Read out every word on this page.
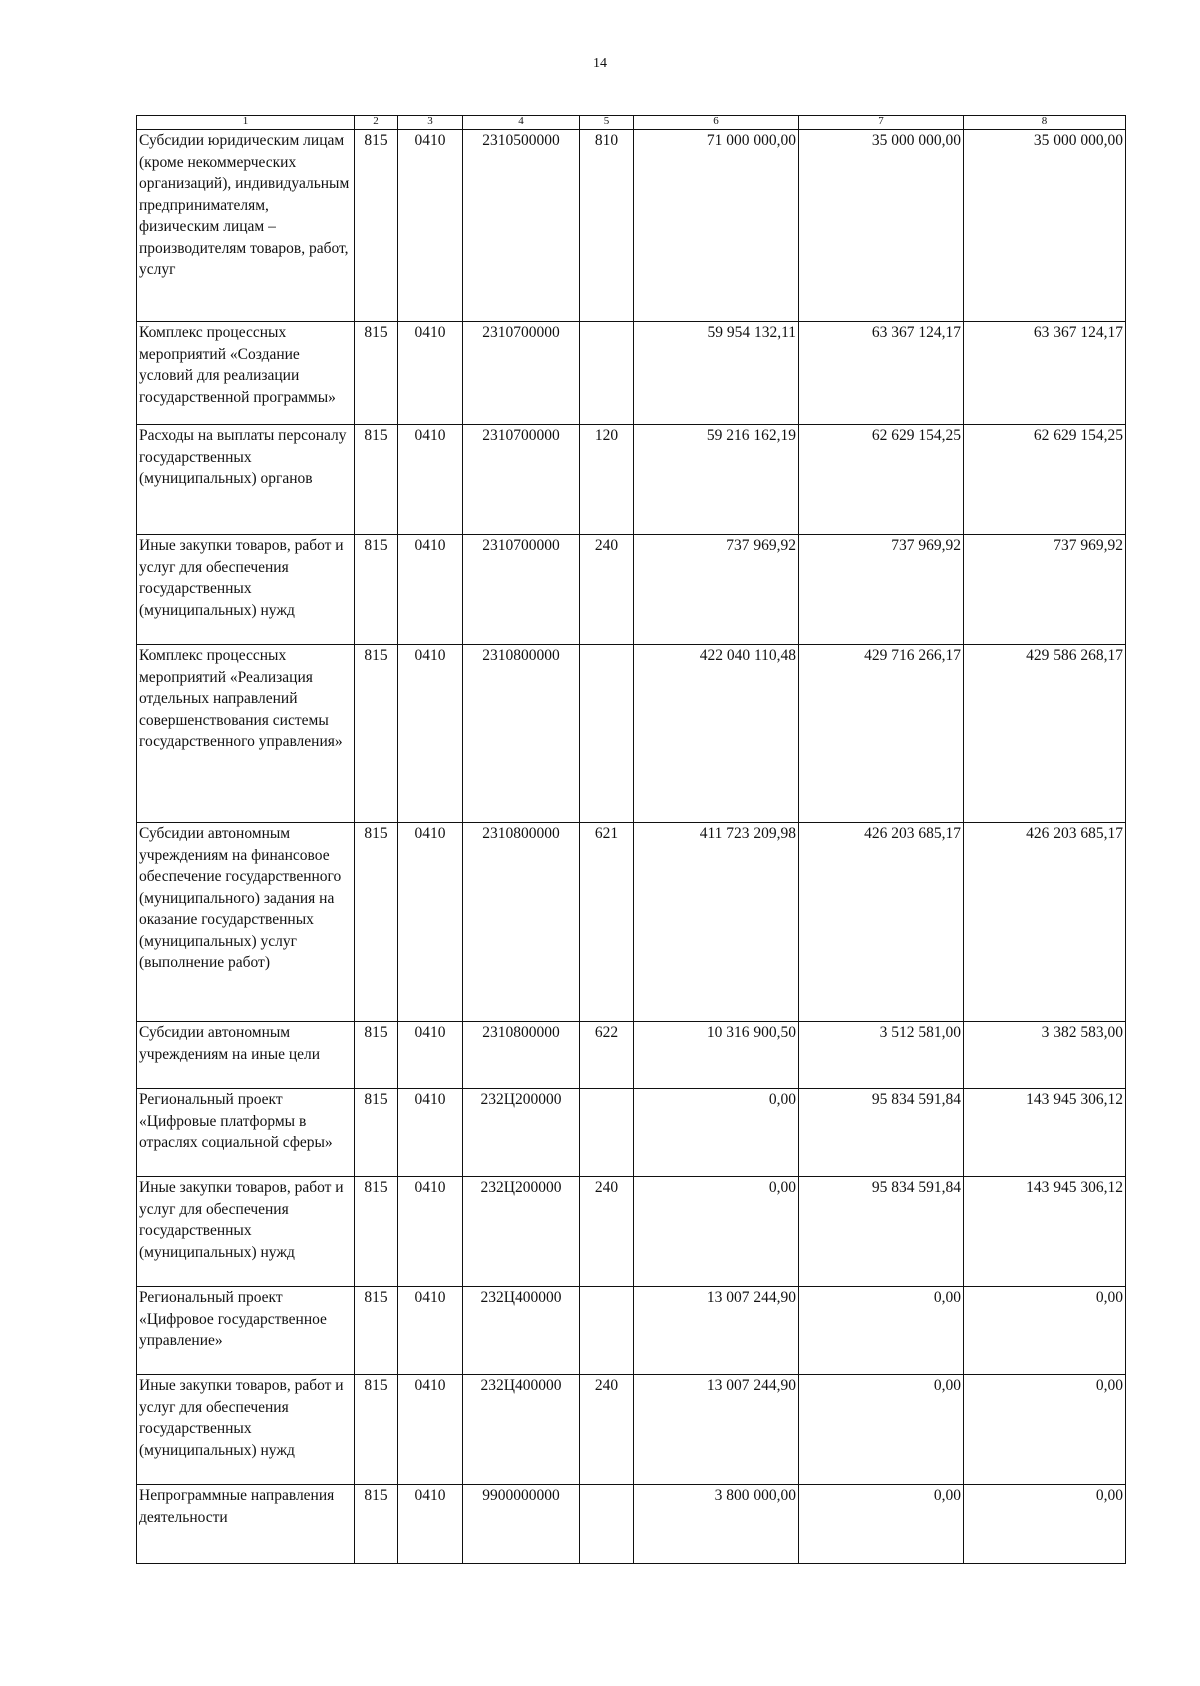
14
1	2	3	4	5	6	7	8
Субсидии юридическим лицам (кроме некоммерческих организаций), индивидуальным предпринимателям, физическим лицам – производителям товаров, работ, услуг	815	0410	2310500000	810	71 000 000,00	35 000 000,00	35 000 000,00
Комплекс процессных мероприятий «Создание условий для реализации государственной программы»	815	0410	2310700000		59 954 132,11	63 367 124,17	63 367 124,17
Расходы на выплаты персоналу государственных (муниципальных) органов	815	0410	2310700000	120	59 216 162,19	62 629 154,25	62 629 154,25
Иные закупки товаров, работ и услуг для обеспечения государственных (муниципальных) нужд	815	0410	2310700000	240	737 969,92	737 969,92	737 969,92
Комплекс процессных мероприятий «Реализация отдельных направлений совершенствования системы государственного управления»	815	0410	2310800000		422 040 110,48	429 716 266,17	429 586 268,17
Субсидии автономным учреждениям на финансовое обеспечение государственного (муниципального) задания на оказание государственных (муниципальных) услуг (выполнение работ)	815	0410	2310800000	621	411 723 209,98	426 203 685,17	426 203 685,17
Субсидии автономным учреждениям на иные цели	815	0410	2310800000	622	10 316 900,50	3 512 581,00	3 382 583,00
Региональный проект «Цифровые платформы в отраслях социальной сферы»	815	0410	232Ц200000		0,00	95 834 591,84	143 945 306,12
Иные закупки товаров, работ и услуг для обеспечения государственных (муниципальных) нужд	815	0410	232Ц200000	240	0,00	95 834 591,84	143 945 306,12
Региональный проект «Цифровое государственное управление»	815	0410	232Ц400000		13 007 244,90	0,00	0,00
Иные закупки товаров, работ и услуг для обеспечения государственных (муниципальных) нужд	815	0410	232Ц400000	240	13 007 244,90	0,00	0,00
Непрограммные направления деятельности	815	0410	9900000000		3 800 000,00	0,00	0,00
